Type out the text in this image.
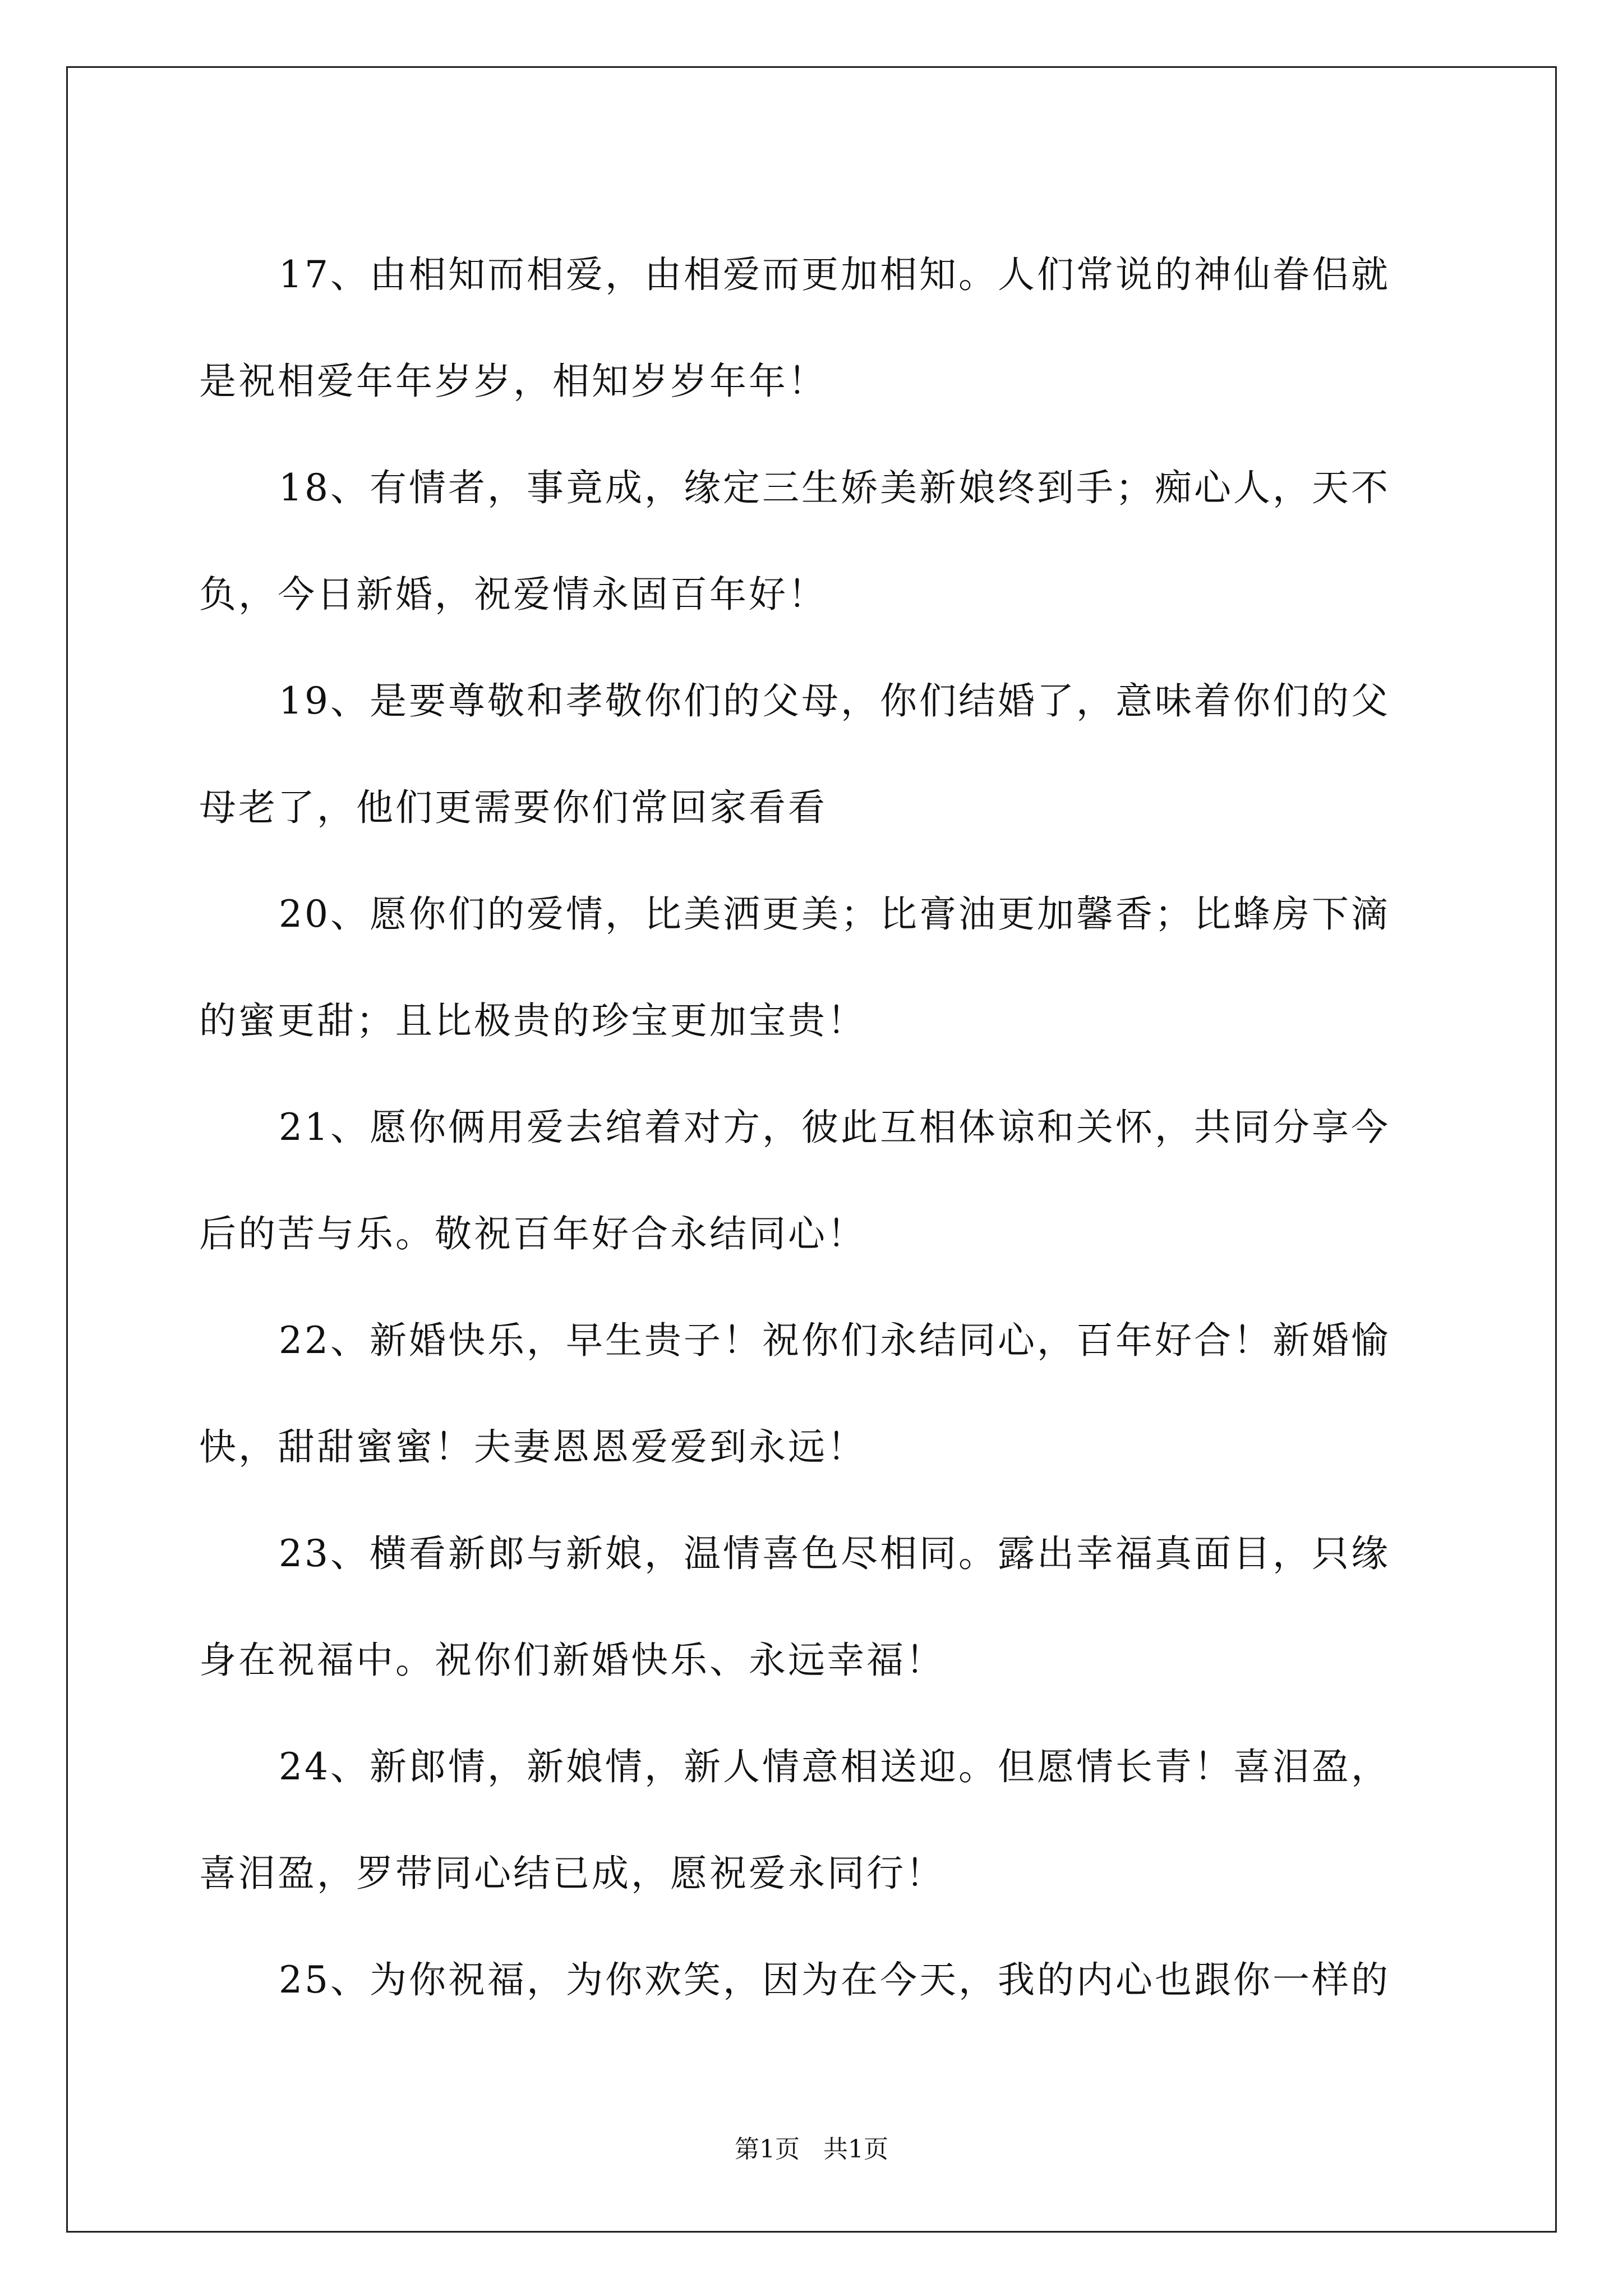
17、由相知而相爱，由相爱而更加相知。人们常说的神仙眷侣就是祝相爱年年岁岁，相知岁岁年年！

18、有情者，事竟成，缘定三生娇美新娘终到手；痴心人，天不负，今日新婚，祝爱情永固百年好！

19、是要尊敬和孝敬你们的父母，你们结婚了，意味着你们的父母老了，他们更需要你们常回家看看

20、愿你们的爱情，比美洒更美；比膏油更加馨香；比蜂房下滴的蜜更甜；且比极贵的珍宝更加宝贵！

21、愿你俩用爱去绾着对方，彼此互相体谅和关怀，共同分享今后的苦与乐。敬祝百年好合永结同心！

22、新婚快乐，早生贵子！祝你们永结同心，百年好合！新婚愉快，甜甜蜜蜜！夫妻恩恩爱爱到永远！

23、横看新郎与新娘，温情喜色尽相同。露出幸福真面目，只缘身在祝福中。祝你们新婚快乐、永远幸福！

24、新郎情，新娘情，新人情意相送迎。但愿情长青！喜泪盈，喜泪盈，罗带同心结已成，愿祝爱永同行！

25、为你祝福，为你欢笑，因为在今天，我的内心也跟你一样的

第1页   共1页
